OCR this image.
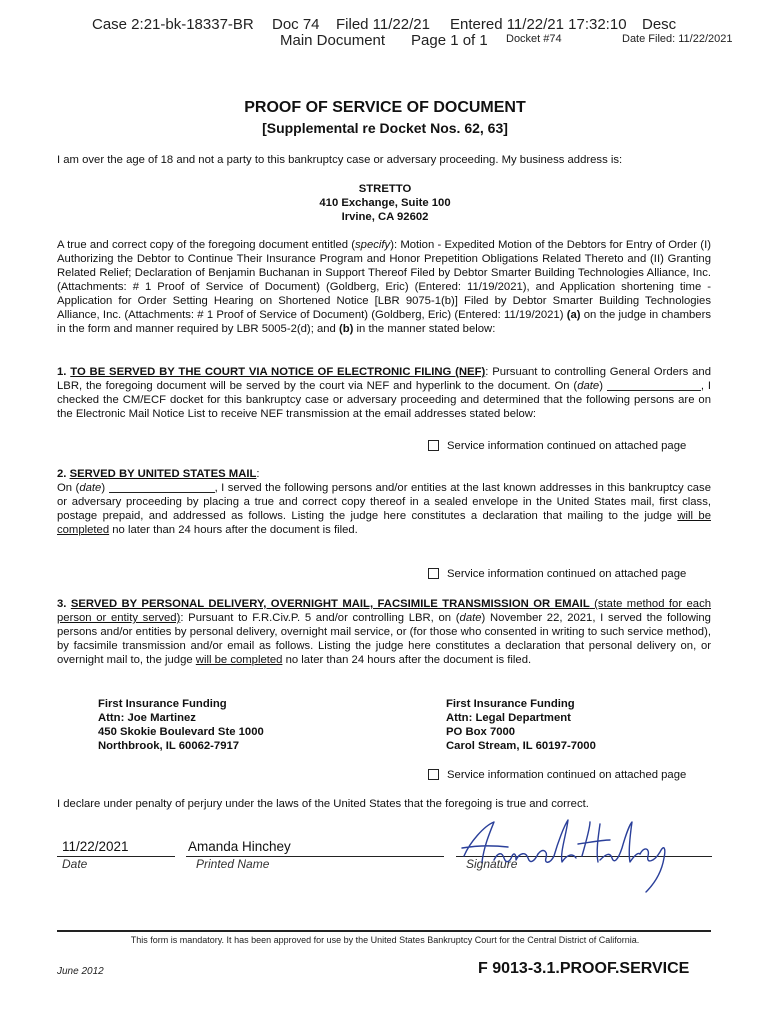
Case 2:21-bk-18337-BR Doc 74 Filed 11/22/21 Entered 11/22/21 17:32:10 Desc
Main Document Page 1 of 1 Docket #74	Date Filed: 11/22/2021
PROOF OF SERVICE OF DOCUMENT
[Supplemental re Docket Nos. 62, 63]
I am over the age of 18 and not a party to this bankruptcy case or adversary proceeding. My business address is:
STRETTO
410 Exchange, Suite 100
Irvine, CA 92602
A true and correct copy of the foregoing document entitled (specify): Motion - Expedited Motion of the Debtors for Entry of Order (I) Authorizing the Debtor to Continue Their Insurance Program and Honor Prepetition Obligations Related Thereto and (II) Granting Related Relief; Declaration of Benjamin Buchanan in Support Thereof Filed by Debtor Smarter Building Technologies Alliance, Inc. (Attachments: # 1 Proof of Service of Document) (Goldberg, Eric) (Entered: 11/19/2021), and Application shortening time - Application for Order Setting Hearing on Shortened Notice [LBR 9075-1(b)] Filed by Debtor Smarter Building Technologies Alliance, Inc. (Attachments: # 1 Proof of Service of Document) (Goldberg, Eric) (Entered: 11/19/2021) (a) on the judge in chambers in the form and manner required by LBR 5005-2(d); and (b) in the manner stated below:
1. TO BE SERVED BY THE COURT VIA NOTICE OF ELECTRONIC FILING (NEF): Pursuant to controlling General Orders and LBR, the foregoing document will be served by the court via NEF and hyperlink to the document. On (date)	, I checked the CM/ECF docket for this bankruptcy case or adversary proceeding and determined that the following persons are on the Electronic Mail Notice List to receive NEF transmission at the email addresses stated below:
Service information continued on attached page
2. SERVED BY UNITED STATES MAIL:
On (date)	, I served the following persons and/or entities at the last known addresses in this bankruptcy case or adversary proceeding by placing a true and correct copy thereof in a sealed envelope in the United States mail, first class, postage prepaid, and addressed as follows. Listing the judge here constitutes a declaration that mailing to the judge will be completed no later than 24 hours after the document is filed.
Service information continued on attached page
3. SERVED BY PERSONAL DELIVERY, OVERNIGHT MAIL, FACSIMILE TRANSMISSION OR EMAIL (state method for each person or entity served): Pursuant to F.R.Civ.P. 5 and/or controlling LBR, on (date) November 22, 2021, I served the following persons and/or entities by personal delivery, overnight mail service, or (for those who consented in writing to such service method), by facsimile transmission and/or email as follows. Listing the judge here constitutes a declaration that personal delivery on, or overnight mail to, the judge will be completed no later than 24 hours after the document is filed.
First Insurance Funding
Attn: Joe Martinez
450 Skokie Boulevard Ste 1000
Northbrook, IL 60062-7917
First Insurance Funding
Attn: Legal Department
PO Box 7000
Carol Stream, IL 60197-7000
Service information continued on attached page
I declare under penalty of perjury under the laws of the United States that the foregoing is true and correct.
11/22/2021	Amanda Hinchey
Date	Printed Name	Signature
This form is mandatory. It has been approved for use by the United States Bankruptcy Court for the Central District of California.
June 2012	F 9013-3.1.PROOF.SERVICE
